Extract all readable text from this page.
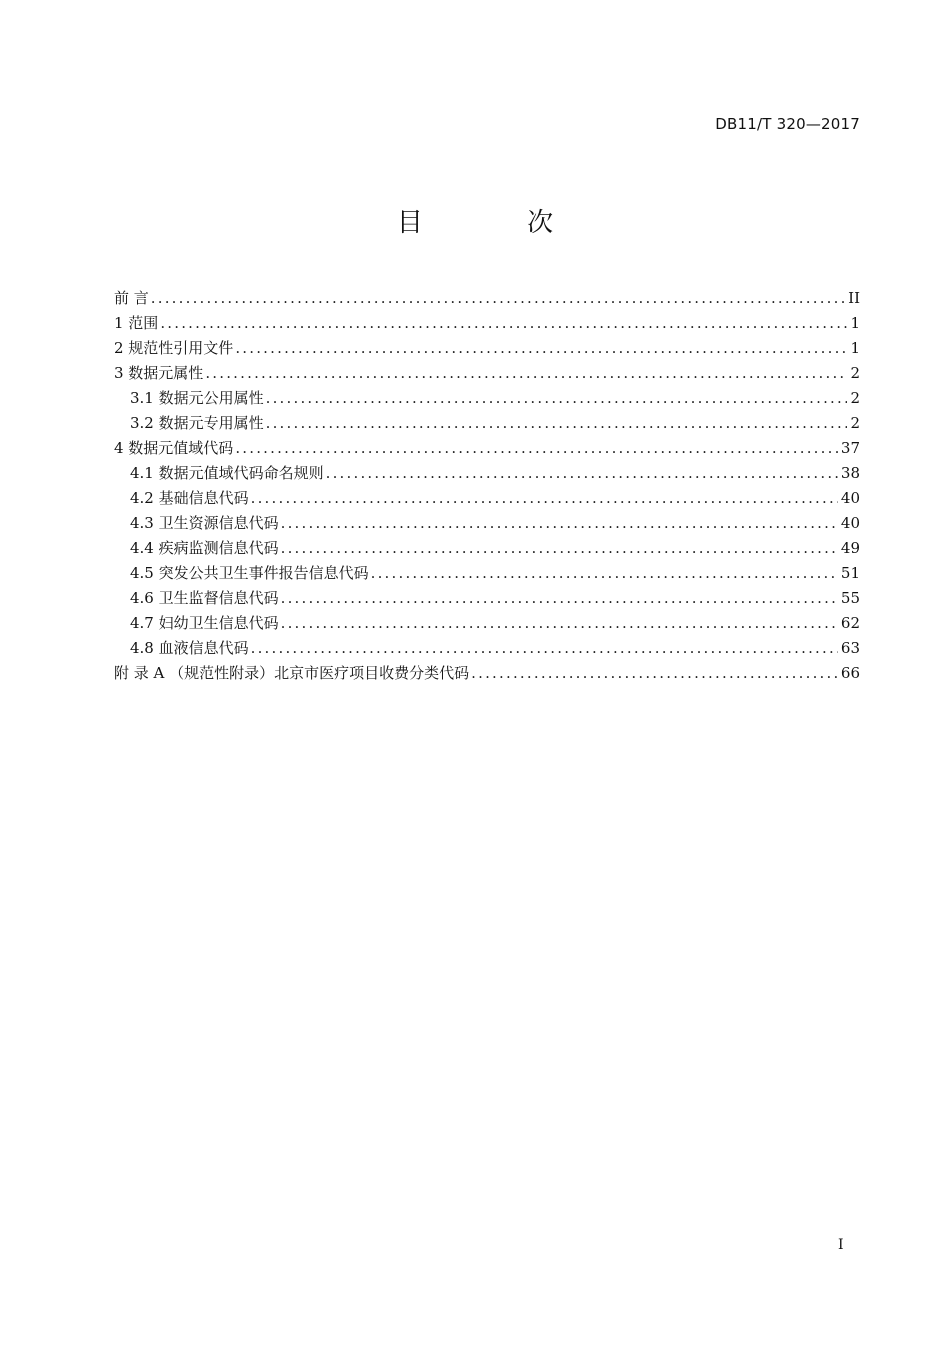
DB11/T 320—2017
目 次
前 言 .....	II
1 范围 .....	1
2 规范性引用文件 .....	1
3 数据元属性 .....	2
3.1 数据元公用属性 .....	2
3.2 数据元专用属性 .....	2
4 数据元值域代码 .....	37
4.1 数据元值域代码命名规则 .....	38
4.2 基础信息代码 .....	40
4.3 卫生资源信息代码 .....	40
4.4 疾病监测信息代码 .....	49
4.5 突发公共卫生事件报告信息代码 .....	51
4.6 卫生监督信息代码 .....	55
4.7 妇幼卫生信息代码 .....	62
4.8 血液信息代码 .....	63
附 录 A （规范性附录）北京市医疗项目收费分类代码 .....	66
I
